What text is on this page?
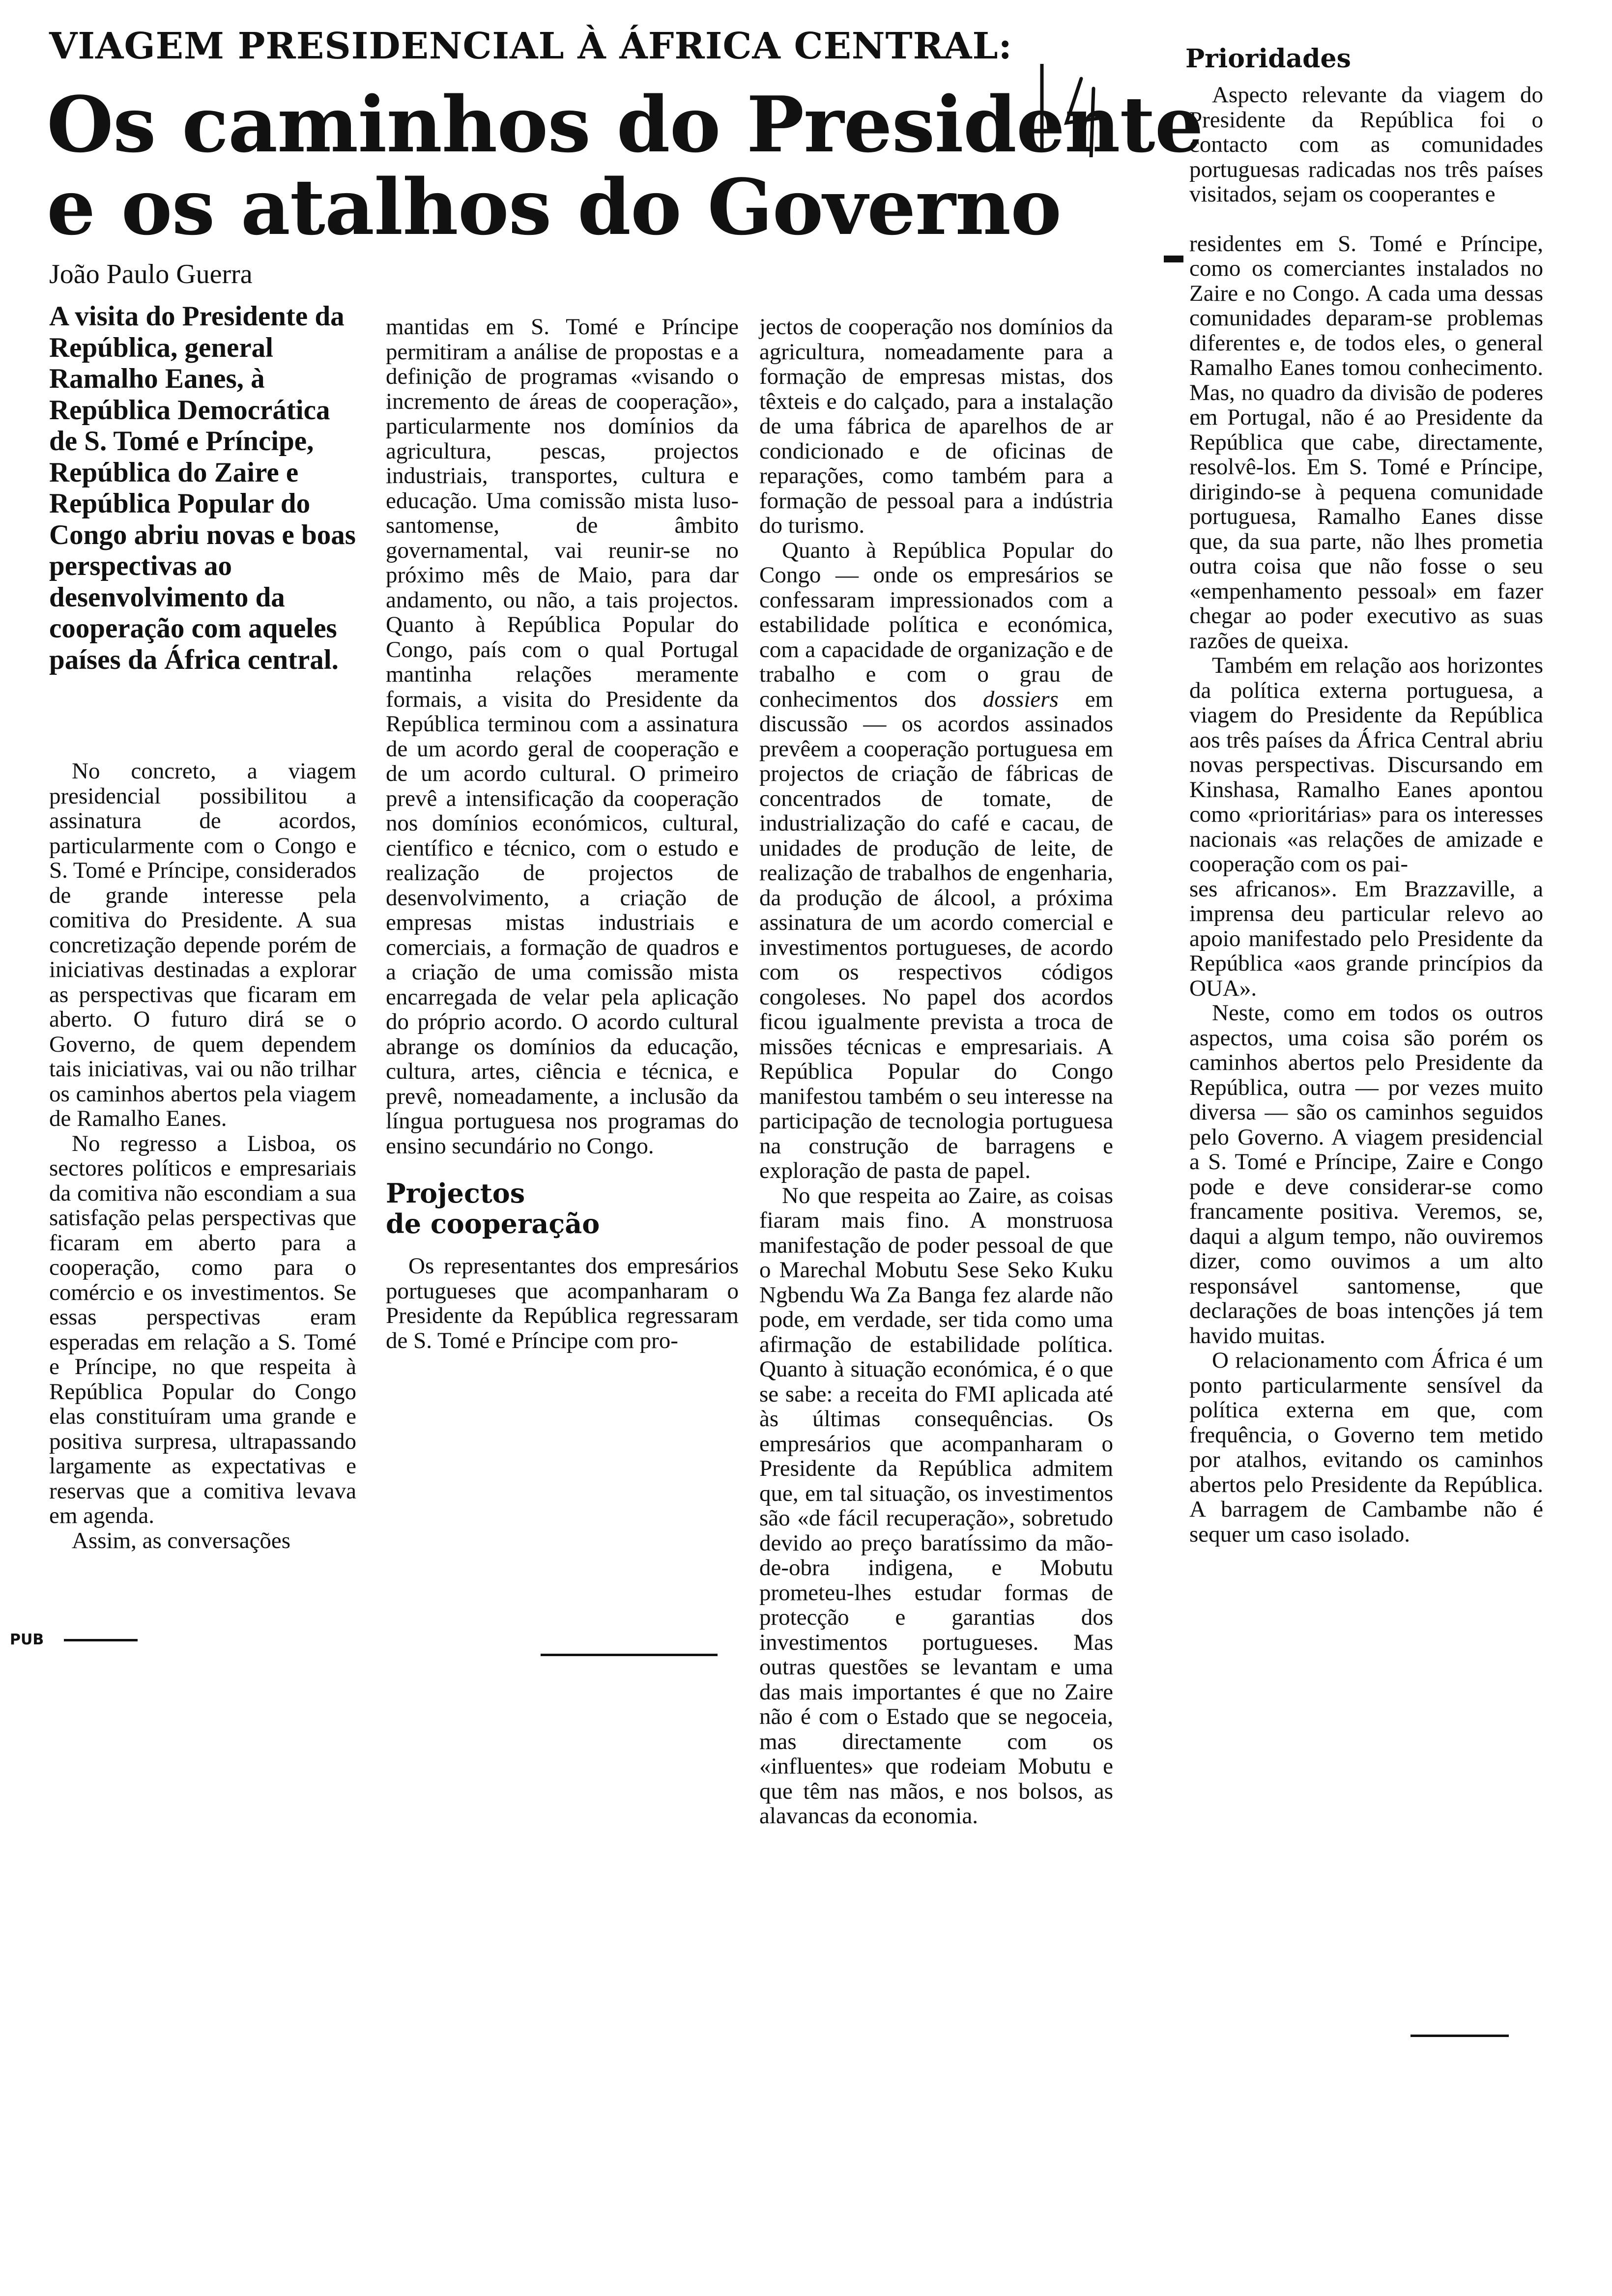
VIAGEM PRESIDENCIAL À ÁFRICA CENTRAL:
Os caminhos do Presidente
e os atalhos do Governo
João Paulo Guerra
A visita do Presidente da República, general Ramalho Eanes, à República Democrática de S. Tomé e Príncipe, República do Zaire e República Popular do Congo abriu novas e boas perspectivas ao desenvolvimento da cooperação com aqueles países da África central.

No concreto, a viagem presidencial possibilitou a assinatura de acordos, particularmente com o Congo e S. Tomé e Príncipe, considerados de grande interesse pela comitiva do Presidente. A sua concretização depende porém de iniciativas destinadas a explorar as perspectivas que ficaram em aberto. O futuro dirá se o Governo, de quem dependem tais iniciativas, vai ou não trilhar os caminhos abertos pela viagem de Ramalho Eanes.

No regresso a Lisboa, os sectores políticos e empresariais da comitiva não escondiam a sua satisfação pelas perspectivas que ficaram em aberto para a cooperação, como para o comércio e os investimentos. Se essas perspectivas eram esperadas em relação a S. Tomé e Príncipe, no que respeita à República Popular do Congo elas constituíram uma grande e positiva surpresa, ultrapassando largamente as expectativas e reservas que a comitiva levava em agenda.

Assim, as conversações

mantidas em S. Tomé e Príncipe permitiram a análise de propostas e a definição de programas «visando o incremento de áreas de cooperação», particularmente nos domínios da agricultura, pescas, projectos industriais, transportes, cultura e educação. Uma comissão mista luso-santomense, de âmbito governamental, vai reunir-se no próximo mês de Maio, para dar andamento, ou não, a tais projectos. Quanto à República Popular do Congo, país com o qual Portugal mantinha relações meramente formais, a visita do Presidente da República terminou com a assinatura de um acordo geral de cooperação e de um acordo cultural. O primeiro prevê a intensificação da cooperação nos domínios económicos, cultural, científico e técnico, com o estudo e realização de projectos de desenvolvimento, a criação de empresas mistas industriais e comerciais, a formação de quadros e a criação de uma comissão mista encarregada de velar pela aplicação do próprio acordo. O acordo cultural abrange os domínios da educação, cultura, artes, ciência e técnica, e prevê, nomeadamente, a inclusão da língua portuguesa nos programas do ensino secundário no Congo.

Projectos
de cooperação

Os representantes dos empresários portugueses que acompanharam o Presidente da República regressaram de S. Tomé e Príncipe com pro-

jectos de cooperação nos domínios da agricultura, nomeadamente para a formação de empresas mistas, dos têxteis e do calçado, para a instalação de uma fábrica de aparelhos de ar condicionado e de oficinas de reparações, como também para a formação de pessoal para a indústria do turismo.

Quanto à República Popular do Congo — onde os empresários se confessaram impressionados com a estabilidade política e económica, com a capacidade de organização e de trabalho e com o grau de conhecimentos dos dossiers em discussão — os acordos assinados prevêem a cooperação portuguesa em projectos de criação de fábricas de concentrados de tomate, de industrialização do café e cacau, de unidades de produção de leite, de realização de trabalhos de engenharia, da produção de álcool, a próxima assinatura de um acordo comercial e investimentos portugueses, de acordo com os respectivos códigos congoleses. No papel dos acordos ficou igualmente prevista a troca de missões técnicas e empresariais. A República Popular do Congo manifestou também o seu interesse na participação de tecnologia portuguesa na construção de barragens e exploração de pasta de papel.

No que respeita ao Zaire, as coisas fiaram mais fino. A monstruosa manifestação de poder pessoal de que o Marechal Mobutu Sese Seko Kuku Ngbendu Wa Za Banga fez alarde não pode, em verdade, ser tida como uma afirmação de estabilidade política. Quanto à situação económica, é o que se sabe: a receita do FMI aplicada até às últimas consequências. Os empresários que acompanharam o Presidente da República admitem que, em tal situação, os investimentos são «de fácil recuperação», sobretudo devido ao preço baratíssimo da mão-de-obra indigena, e Mobutu prometeu-lhes estudar formas de protecção e garantias dos investimentos portugueses. Mas outras questões se levantam e uma das mais importantes é que no Zaire não é com o Estado que se negoceia, mas directamente com os «influentes» que rodeiam Mobutu e que têm nas mãos, e nos bolsos, as alavancas da economia.

Prioridades

Aspecto relevante da viagem do Presidente da República foi o contacto com as comunidades portuguesas radicadas nos três países visitados, sejam os cooperantes e

residentes em S. Tomé e Príncipe, como os comerciantes instalados no Zaire e no Congo. A cada uma dessas comunidades deparam-se problemas diferentes e, de todos eles, o general Ramalho Eanes tomou conhecimento. Mas, no quadro da divisão de poderes em Portugal, não é ao Presidente da República que cabe, directamente, resolvê-los. Em S. Tomé e Príncipe, dirigindo-se à pequena comunidade portuguesa, Ramalho Eanes disse que, da sua parte, não lhes prometia outra coisa que não fosse o seu «empenhamento pessoal» em fazer chegar ao poder executivo as suas razões de queixa.

Também em relação aos horizontes da política externa portuguesa, a viagem do Presidente da República aos três países da África Central abriu novas perspectivas. Discursando em Kinshasa, Ramalho Eanes apontou como «prioritárias» para os interesses nacionais «as relações de amizade e cooperação com os pai-

ses africanos». Em Brazzaville, a imprensa deu particular relevo ao apoio manifestado pelo Presidente da República «aos grande princípios da OUA».

Neste, como em todos os outros aspectos, uma coisa são porém os caminhos abertos pelo Presidente da República, outra — por vezes muito diversa — são os caminhos seguidos pelo Governo. A viagem presidencial a S. Tomé e Príncipe, Zaire e Congo pode e deve considerar-se como francamente positiva. Veremos, se, daqui a algum tempo, não ouviremos dizer, como ouvimos a um alto responsável santomense, que declarações de boas intenções já tem havido muitas.

O relacionamento com África é um ponto particularmente sensível da política externa em que, com frequência, o Governo tem metido por atalhos, evitando os caminhos abertos pelo Presidente da República. A barragem de Cambambe não é sequer um caso isolado.

PUB
